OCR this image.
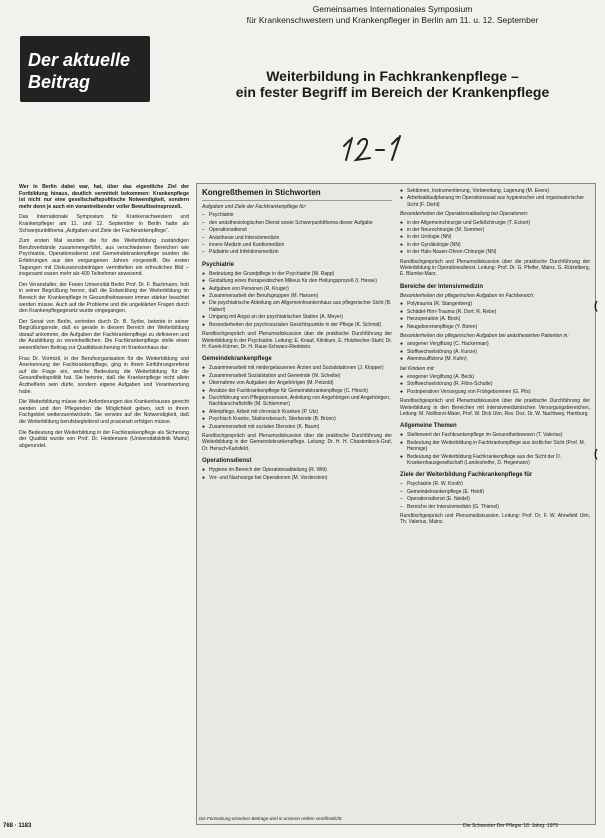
Der aktuelle
Beitrag
Gemeinsames Internationales Symposium
für Krankenschwestern und Krankenpfleger in Berlin am 11. u. 12. September
Weiterbildung in Fachkrankenpflege –
ein fester Begriff im Bereich der Krankenpflege

Wer in Berlin dabei war, hat, über das eigentliche Ziel der Fortbildung hinaus, deutlich vermittelt bekommen: Krankenpflege ist nicht nur eine gesellschaftspolitische Notwendigkeit, sondern mehr denn je auch ein vorantreibender voller Bewußtseinsprozeß.

Das Internationale Symposium für Krankenschwestern und Krankenpfleger am 11. und 12. September in Berlin hatte als Schwerpunktthema „Aufgaben und Ziele der Fachkrankenpflege“.

Zum ersten Mal wurden die für die Weiterbildung zuständigen Berufsverbände zusammengeführt, aus verschiedenen Bereichen wie Psychiatrie, Operationsdienst und Gemeindekrankenpflege wurden die Erfahrungen aus den vergangenen Jahren vorgestellt. Die ersten Tagungen mit Diskussionsbeiträgen vermittelten ein erfreuliches Bild – insgesamt waren mehr als 400 Teilnehmer anwesend.

Der Veranstalter, der Freien Universität Berlin Prof. Dr. F. Bachmann, hob in seiner Begrüßung hervor, daß die Entwicklung der Weiterbildung im Bereich der Krankenpflege in Gesundheitswesen immer stärker beachtet werden müsse. Auch auf die Probleme und die ungeklärten Fragen durch den Krankenpflegegesetz wurde eingegangen.

Der Senat von Berlin, vertreten durch Dr. B. Syrbe, betonte in seiner Begrüßungsrede, daß es gerade in diesem Bereich der Weiterbildung darauf ankomme, die Aufgaben der Fachkrankenpflege zu definieren und die Ausbildung zu vereinheitlichen. Die Fachkrankenpflege stelle einen wesentlichen Beitrag zur Qualitätssicherung im Krankenhaus dar.

Frau Dr. Vormizil, in der Berufsorganisation für die Weiterbildung und Anerkennung der Fachkrankenpflege, ging in ihrem Einführungsreferat auf die Frage ein, welche Bedeutung die Weiterbildung für die Gesundheitspolitik hat. Sie betonte, daß die Krankenpflege nicht allein Arzthelferin sein dürfe, sondern eigene Aufgaben und Verantwortung habe.

Die Weiterbildung müsse den Anforderungen des Krankenhauses gerecht werden und den Pflegenden die Möglichkeit geben, sich in ihrem Fachgebiet weiterzuentwickeln. Sie verwies auf die Notwendigkeit, daß die Weiterbildung berufsbegleitend und praxisnah erfolgen müsse.

Die Bedeutung der Weiterbildung in der Fachkrankenpflege als Sicherung der Qualität wurde von Prof. Dr. Heidemann (Universitätsklinik Mainz) abgerundet.

Kongreßthemen in Stichworten
Aufgaben und Ziele der Fachkrankenpflege für:
– Psychiatrie
– den anästhesiologischen Dienst sowie Schwerpunktthema dieser Aufgabe
– Operationsdienst
– Anästhesie und Intensivmedizin
– innere Medizin und Kardiomedizin
– Pädiatrie und Infektionsmedizin
Psychiatrie
● Bedeutung der Grundpflege in der Psychiatrie (W. Rapp)
● Gestaltung eines therapeutischen Milieus für den Heilungsprozeß (I. Hesse)
● Aufgaben von Personen (R. Kruger)
● Zusammenarbeit der Berufsgruppen (M. Hansen)
● Die psychiatrische Abteilung am Allgemeinkrankenhaus aus pflegerischer Sicht (B. Haberl)
● Umgang mit Angst an der psychiatrischen Station (A. Meyer)
● Besonderheiten der psychosozialen Gesichtspunkte in der Pflege (K. Schmid)

Rundtischgespräch und Plenumsdiskussion über die praktische Durchführung der Weiterbildung in der Psychiatrie. Leitung: E. Knauf, Klinikum, E. Holzbecher-Stahl; Dr. H. Kurek-Körner, Dr. H. Raue-Schwarz-Riedstein.

Gemeindekrankenpflege
● Zusammenarbeit mit niedergelassenen Ärzten und Sozialstationen (J. Klopper)
● Zusammenarbeit Sozialstation und Gemeinde (W. Scheibe)
● Übernahme von Aufgaben der Angehörigen (M. Petzold)
● Ansätze der Fachkrankenpflege für Gemeindekrankenpflege (C. Hirsch)
● Durchführung von Pflegeprozessen, Anleitung von Angehörigen und Angehörigen, Nachbarschaftshilfe (M. Schlemmer)
● Altenpflege, Arbeit mit chronisch Kranken (P. Utz)
● Psychisch Kranke, Stationsbesuch, Sterbende (B. Brünn)
● Zusammenarbeit mit sozialen Diensten (K. Baum)

Rundtischgespräch und Plenumsdiskussion über die praktische Durchführung der Weiterbildung in der Gemeindekrankenpflege. Leitung: Dr. H. H. Chastenbock-Graf, Dr. Hensch-Karlsfeld.

Operationsdienst
● Hygiene im Bereich der Operationsabteilung (R. Witt)
● Vor- und Nachsorge bei Operationen (M. Vorderstein)
● Sektionen, Instrumentierung, Vorbereitung, Lagerung (M. Evers)
● Arbeitsablaufplanung im Operationssaal aus hygienischer und organisatorischer Sicht (F. Diehl)
Besonderheiten der Operationsabteilung bei Operationen:
● in der Allgemeinchirurgie und Gefäßchirurgie (T. Eckert)
● in der Neurochirurgie (M. Sommer)
● in der Urologie (NN)
● in der Gynäkologie (NN)
● in der Hals-Nasen-Ohren-Chirurgie (NN)

Rundtischgespräch und Plenumsdiskussion über die praktische Durchführung der Weiterbildung in Operationsdienst. Leitung: Prof. Dr. G. Pfeifer, Mainz, G. Rützelberg, E. Blumke-Marz.

Bereiche der Intensivmedizin
Besonderheiten der pflegerischen Aufgaben im Fachbereich:
● Polytrauma (R. Stangenberg)
● Schädel-Hirn-Trauma (R. Dort; R. Rebe)
● Herzoperation (A. Bock)
● Neugeborenenpflege (Y. Boren)
Besonderheiten der pflegerischen Aufgaben bei anästhesierten Patienten in:
● anogener Vergiftung (C. Hackerman)
● Stoffwechselstörung (A. Kunze)
● Ateminsuffizienz (M. Kuhn)
bei Kindern mit:
● enogener Vergiftung (A. Beck)
● Stoffwechselstörung (R. Flörs-Schulte)
● Postoperativer Versorgung von Frühgeborenen (G. Pils)

Rundtischgespräch und Plenumsdiskussion über die praktische Durchführung der Weiterbildung in den Bereichen mit intensivmedizinischen Versorgungsbereichen, Leitung: M. Nollhorst-Maier, Prof. W. Dick Ulm, Rev. Doz. Dr. W. Nachtwey, Hamburg.

Allgemeine Themen
● Stellenwert der Fachkrankenpflege im Gesundheitswesen (T. Valerius)
● Bedeutung der Weiterbildung in Fachkrankenpflege aus ärztlicher Sicht (Prof. M. Hennige)
● Bedeutung der Weiterbildung Fachkrankenpflege aus der Sicht der D. Krankenhausgesellschaft (Landeshelfer, D. Hegemann)
Ziele der Weiterbildung Fachkrankenpflege für
– Psychiatrie (R. W. Knoth)
– Gemeindekrankenpflege (E. Heidt)
– Operationsdienst (E. Neidel)
– Bereiche der Intensivmedizin (G. Thienel)

Rundtischgespräch und Plenumsdiskussion. Leitung: Prof. Dr. F. W. Ahnefeld Ulm, Th. Valerius, Mainz.

(
(
Die Fortsetzung einzelner Beiträge wird in unseren Heften veröffentlicht.
768 · 1183	Die Schwester Der Pfleger 18. Jahrg. 1979
